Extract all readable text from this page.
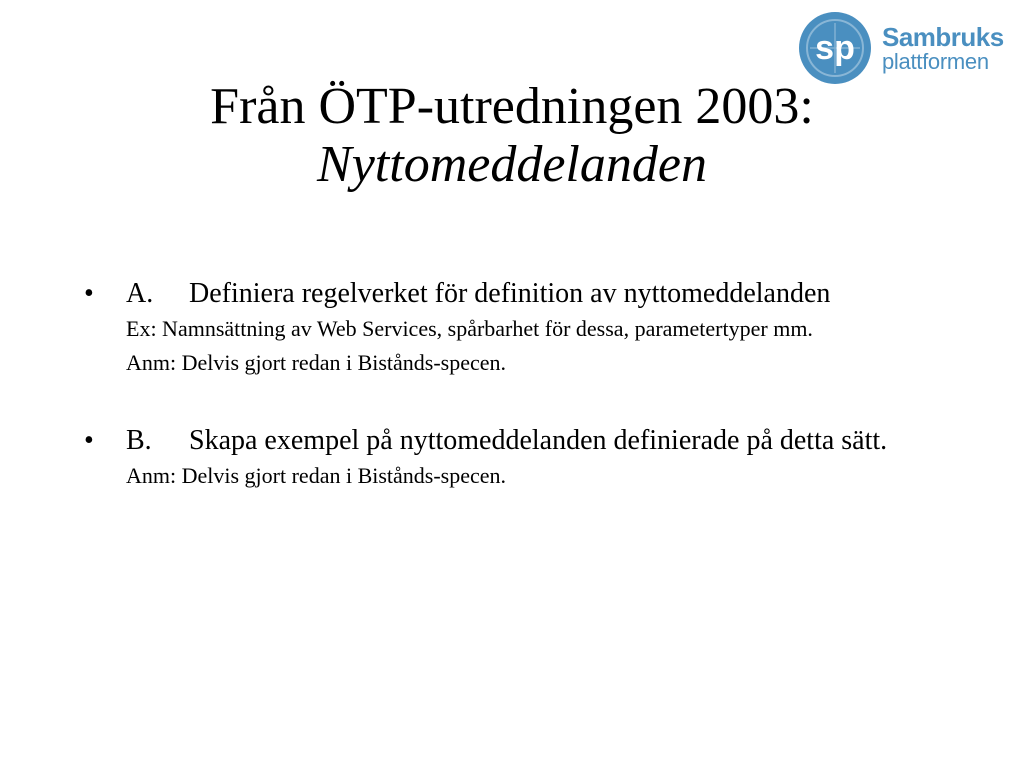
sp Sambruks
plattformen
Från ÖTP-utredningen 2003:
Nyttomeddelanden
• A. Definiera regelverket för definition av nyttomeddelanden
Ex: Namnsättning av Web Services, spårbarhet för dessa, parametertyper mm.
Anm: Delvis gjort redan i Bistånds-specen.
• B. Skapa exempel på nyttomeddelanden definierade på detta sätt.
Anm: Delvis gjort redan i Bistånds-specen.
